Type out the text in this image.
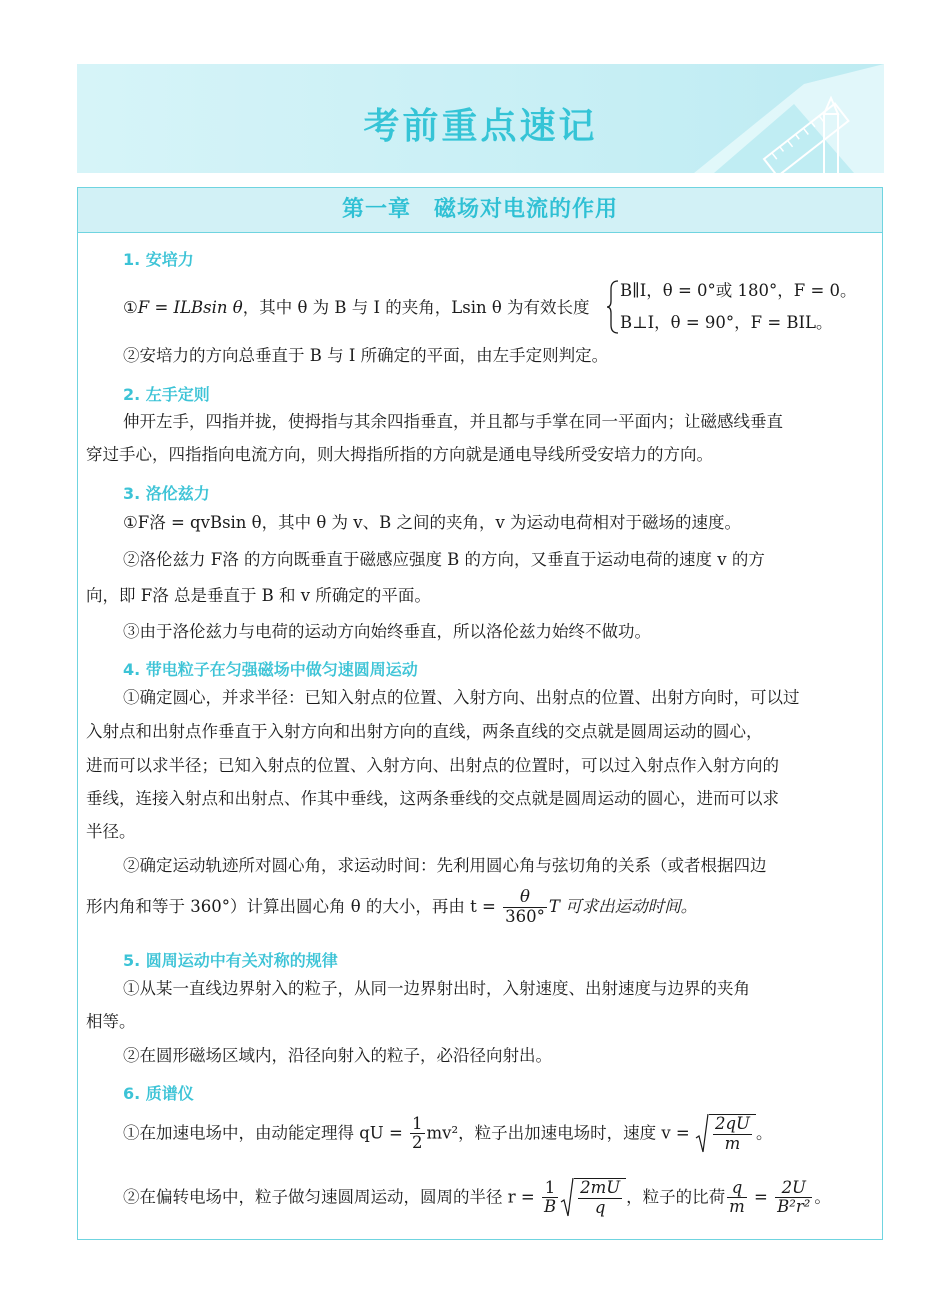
考前重点速记
第一章　磁场对电流的作用
1. 安培力
①F = ILBsin θ，其中 θ 为 B 与 I 的夹角，Lsin θ 为有效长度
B∥I，θ = 0°或 180°，F = 0。
B⊥I，θ = 90°，F = BIL。
②安培力的方向总垂直于 B 与 I 所确定的平面，由左手定则判定。
2. 左手定则
伸开左手，四指并拢，使拇指与其余四指垂直，并且都与手掌在同一平面内；让磁感线垂直
穿过手心，四指指向电流方向，则大拇指所指的方向就是通电导线所受安培力的方向。
3. 洛伦兹力
①F洛 = qvBsin θ，其中 θ 为 v、B 之间的夹角，v 为运动电荷相对于磁场的速度。
②洛伦兹力 F洛 的方向既垂直于磁感应强度 B 的方向，又垂直于运动电荷的速度 v 的方
向，即 F洛 总是垂直于 B 和 v 所确定的平面。
③由于洛伦兹力与电荷的运动方向始终垂直，所以洛伦兹力始终不做功。
4. 带电粒子在匀强磁场中做匀速圆周运动
①确定圆心，并求半径：已知入射点的位置、入射方向、出射点的位置、出射方向时，可以过
入射点和出射点作垂直于入射方向和出射方向的直线，两条直线的交点就是圆周运动的圆心，
进而可以求半径；已知入射点的位置、入射方向、出射点的位置时，可以过入射点作入射方向的
垂线，连接入射点和出射点、作其中垂线，这两条垂线的交点就是圆周运动的圆心，进而可以求
半径。
②确定运动轨迹所对圆心角，求运动时间：先利用圆心角与弦切角的关系（或者根据四边
形内角和等于 360°）计算出圆心角 θ 的大小，再由 $t = \frac{\theta}{360^\circ}$ T 可求出运动时间。
5. 圆周运动中有关对称的规律
①从某一直线边界射入的粒子，从同一边界射出时，入射速度、出射速度与边界的夹角
相等。
②在圆形磁场区域内，沿径向射入的粒子，必沿径向射出。
6. 质谱仪
①在加速电场中，由动能定理得 qU = $\frac{1}{2} mv^2$，粒子出加速电场时，速度 $v = \frac{2qU}{m}$ 。
②在偏转电场中，粒子做匀速圆周运动，圆周的半径 $r = \frac{1}{B} \frac{2mU}{q}$ ，粒子的比荷 $\frac{q}{m} = \frac{2U}{\text{B²r²}}$ 。
